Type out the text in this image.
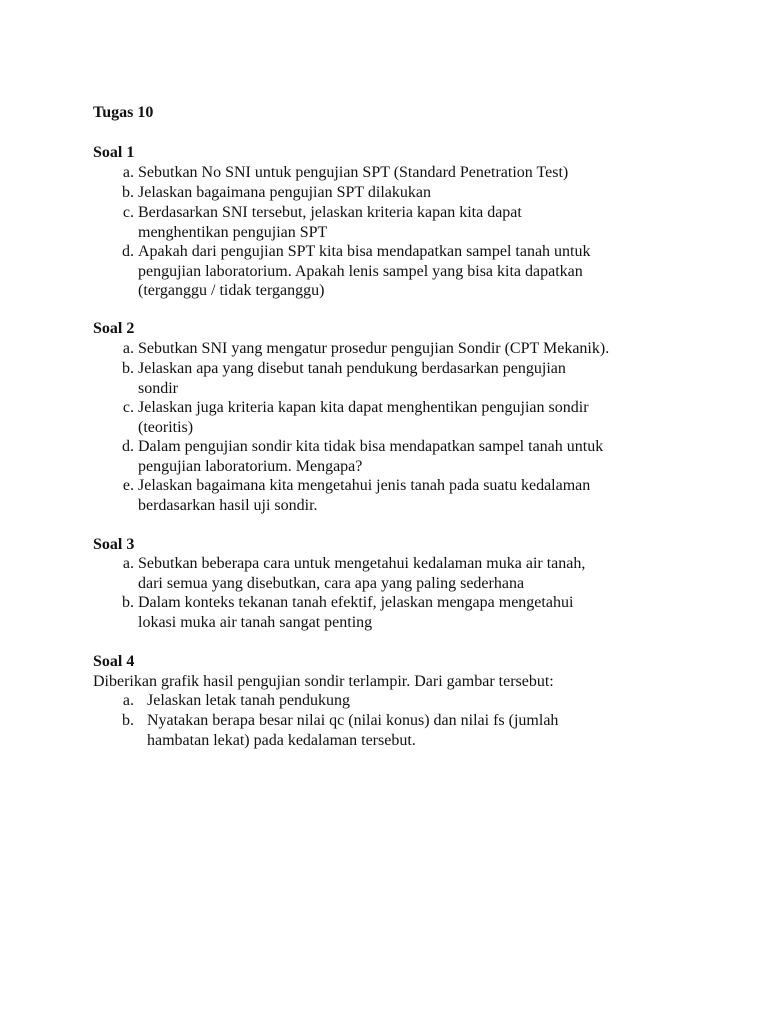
Tugas 10
Soal 1
a. Sebutkan No SNI untuk pengujian SPT (Standard Penetration Test)
b. Jelaskan bagaimana pengujian SPT dilakukan
c. Berdasarkan SNI tersebut, jelaskan kriteria kapan kita dapat
menghentikan pengujian SPT
d. Apakah dari pengujian SPT kita bisa mendapatkan sampel tanah untuk
pengujian laboratorium. Apakah lenis sampel yang bisa kita dapatkan
(terganggu / tidak terganggu)
Soal 2
a. Sebutkan SNI yang mengatur prosedur pengujian Sondir (CPT Mekanik).
b. Jelaskan apa yang disebut tanah pendukung berdasarkan pengujian
sondir
c. Jelaskan juga kriteria kapan kita dapat menghentikan pengujian sondir
(teoritis)
d. Dalam pengujian sondir kita tidak bisa mendapatkan sampel tanah untuk
pengujian laboratorium. Mengapa?
e. Jelaskan bagaimana kita mengetahui jenis tanah pada suatu kedalaman
berdasarkan hasil uji sondir.
Soal 3
a. Sebutkan beberapa cara untuk mengetahui kedalaman muka air tanah,
dari semua yang disebutkan, cara apa yang paling sederhana
b. Dalam konteks tekanan tanah efektif, jelaskan mengapa mengetahui
lokasi muka air tanah sangat penting
Soal 4
Diberikan grafik hasil pengujian sondir terlampir. Dari gambar tersebut:
a. Jelaskan letak tanah pendukung
b. Nyatakan berapa besar nilai qc (nilai konus) dan nilai fs (jumlah
hambatan lekat) pada kedalaman tersebut.
